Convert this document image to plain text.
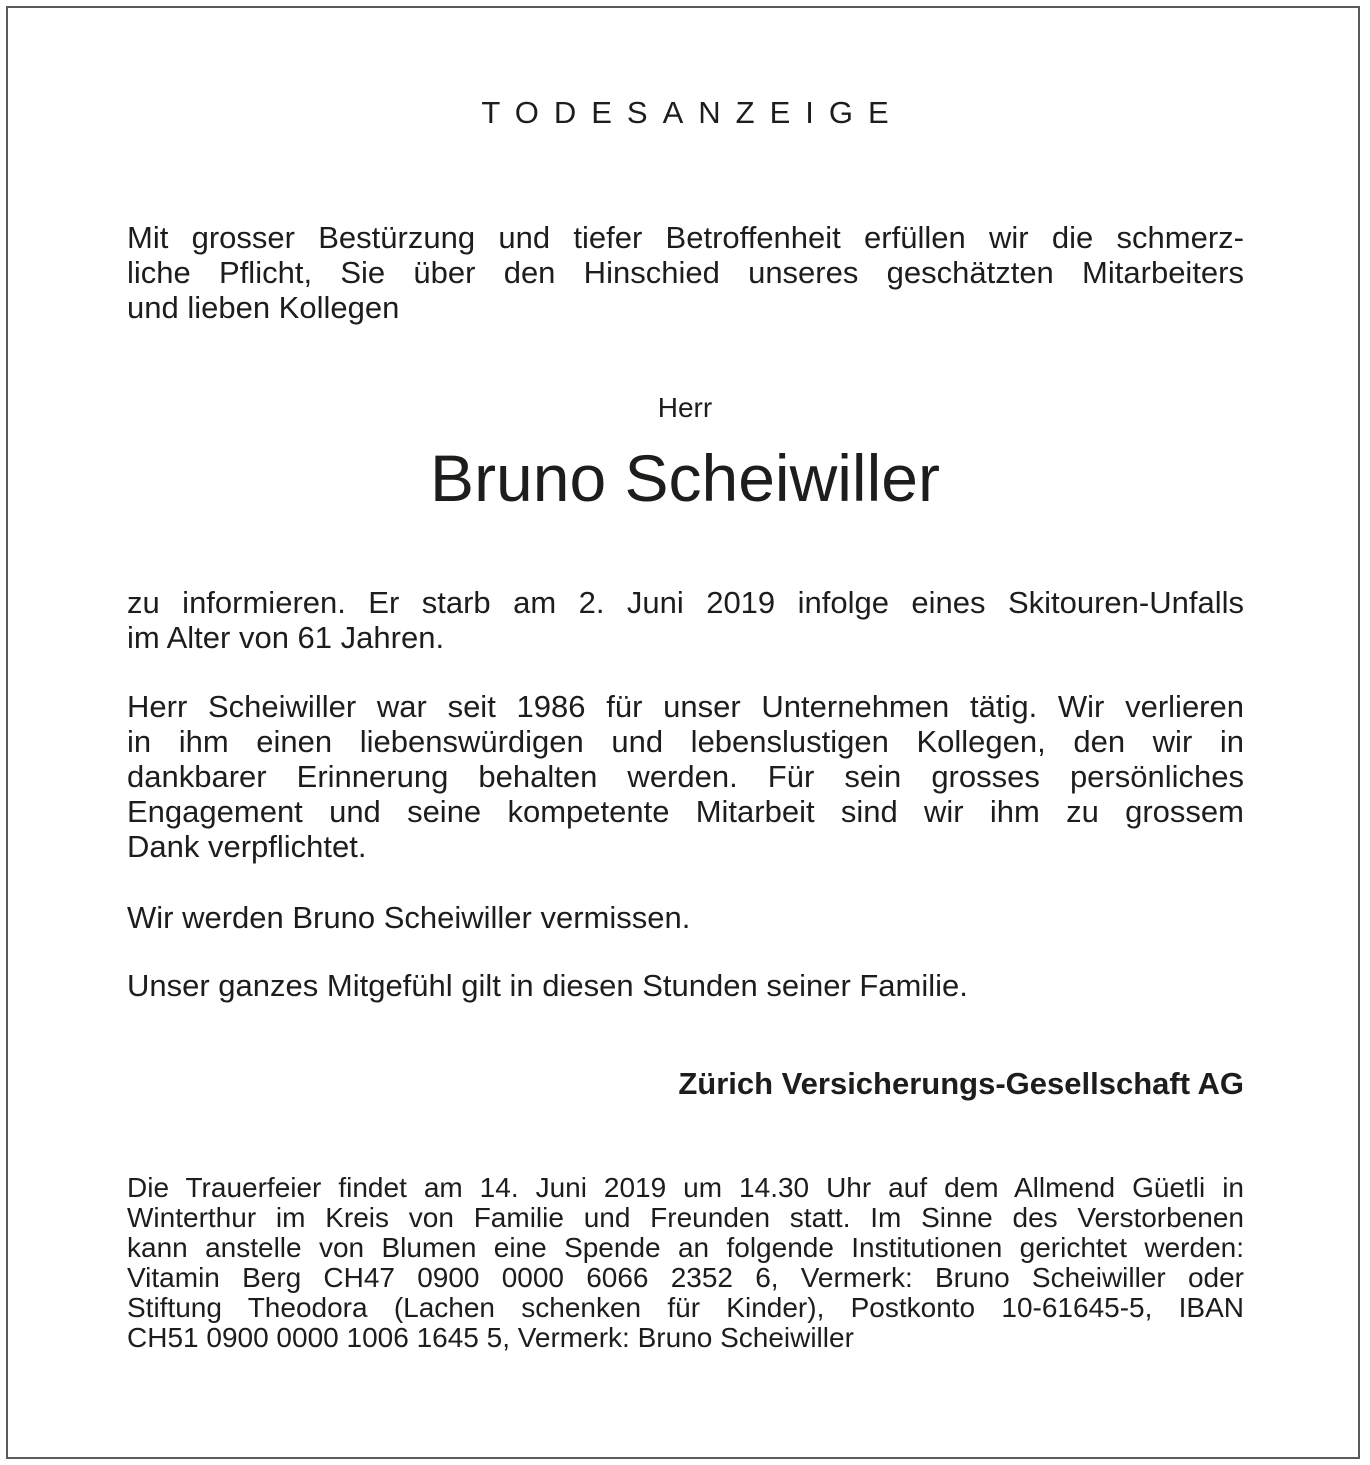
TODESANZEIGE
Mit grosser Bestürzung und tiefer Betroffenheit erfüllen wir die schmerz-
liche Pflicht, Sie über den Hinschied unseres geschätzten Mitarbeiters
und lieben Kollegen
Herr
Bruno Scheiwiller
zu informieren. Er starb am 2. Juni 2019 infolge eines Skitouren-Unfalls
im Alter von 61 Jahren.
Herr Scheiwiller war seit 1986 für unser Unternehmen tätig. Wir verlieren
in ihm einen liebenswürdigen und lebenslustigen Kollegen, den wir in
dankbarer Erinnerung behalten werden. Für sein grosses persönliches
Engagement und seine kompetente Mitarbeit sind wir ihm zu grossem
Dank verpflichtet.
Wir werden Bruno Scheiwiller vermissen.
Unser ganzes Mitgefühl gilt in diesen Stunden seiner Familie.
Zürich Versicherungs-Gesellschaft AG
Die Trauerfeier findet am 14. Juni 2019 um 14.30 Uhr auf dem Allmend Güetli in
Winterthur im Kreis von Familie und Freunden statt. Im Sinne des Verstorbenen
kann anstelle von Blumen eine Spende an folgende Institutionen gerichtet werden:
Vitamin Berg CH47 0900 0000 6066 2352 6, Vermerk: Bruno Scheiwiller oder
Stiftung Theodora (Lachen schenken für Kinder), Postkonto 10-61645-5, IBAN
CH51 0900 0000 1006 1645 5, Vermerk: Bruno Scheiwiller
